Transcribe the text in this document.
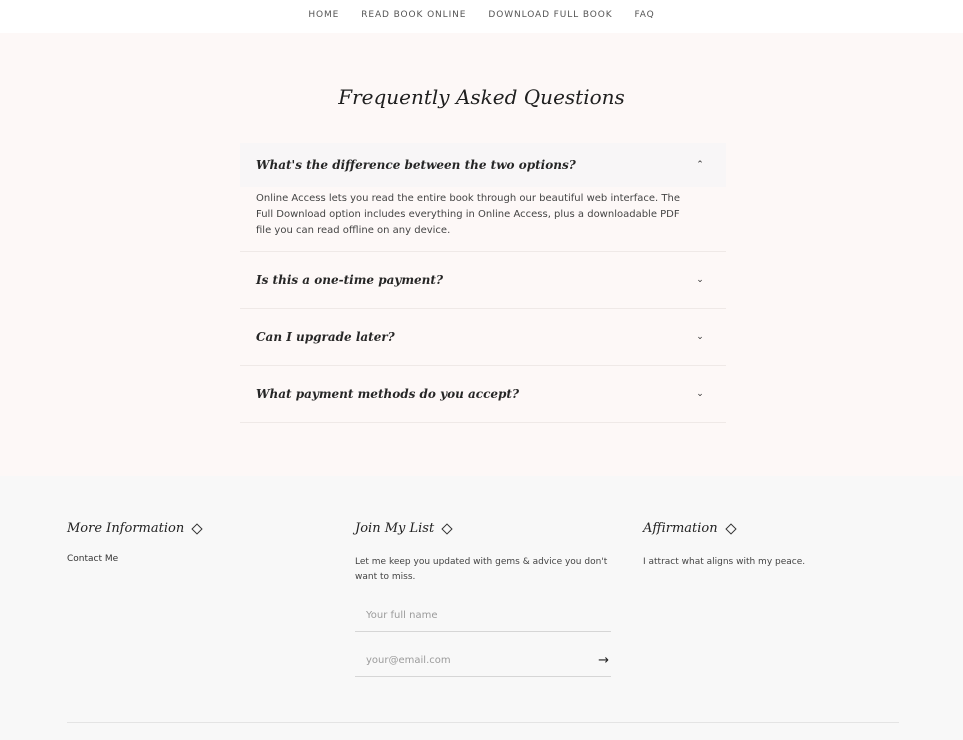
HOME READ BOOK ONLINE DOWNLOAD FULL BOOK FAQ
Frequently Asked Questions
What's the difference between the two options?	⌃
Online Access lets you read the entire book through our beautiful web interface. The Full Download option includes everything in Online Access, plus a downloadable PDF file you can read offline on any device.
Is this a one-time payment?	⌄
Can I upgrade later?	⌄
What payment methods do you accept?	⌄
More Information
Contact Me
Join My List

Let me keep you updated with gems & advice you don't want to miss.

Your full name
your@email.com
→
Affirmation

I attract what aligns with my peace.
